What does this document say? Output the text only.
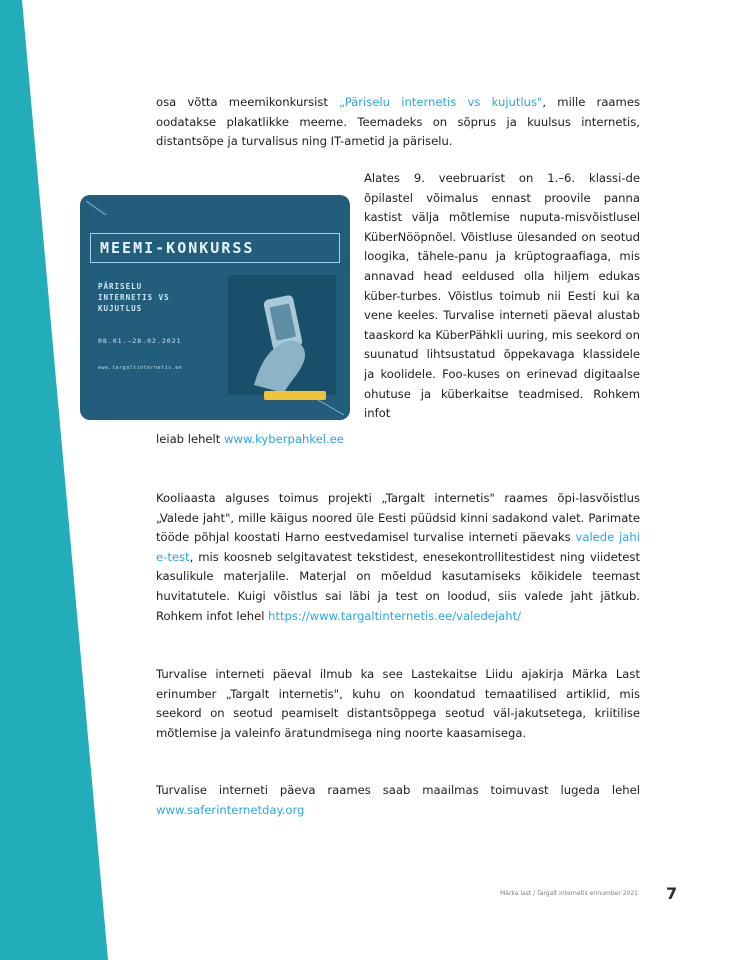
osa võtta meemikonkursist „Päriselu internetis vs kujutlus", mille raames oodatakse plakatlikke meeme. Teemadeks on sõprus ja kuulsus internetis, distantsõpe ja turvalisus ning IT-ametid ja päriselu.

MEEMI-KONKURSS
PÄRISELU
INTERNETIS VS
KUJUTLUS
08.01.–28.02.2021
www.targaltinternetis.ee
Alates 9. veebruarist on 1.–6. klassi-de õpilastel võimalus ennast proovile panna kastist välja mõtlemise nuputa-misvõistlusel KüberNööpnõel. Võistluse ülesanded on seotud loogika, tähele-panu ja krüptograafiaga, mis annavad head eeldused olla hiljem edukas küber-turbes. Võistlus toimub nii Eesti kui ka vene keeles. Turvalise interneti päeval alustab taaskord ka KüberPähkli uuring, mis seekord on suunatud lihtsustatud õppekavaga klassidele ja koolidele. Foo-kuses on erinevad digitaalse ohutuse ja küberkaitse teadmised. Rohkem infot

leiab lehelt www.kyberpahkel.ee

Kooliaasta alguses toimus projekti „Targalt internetis" raames õpi-lasvõistlus „Valede jaht", mille käigus noored üle Eesti püüdsid kinni sadakond valet. Parimate tööde põhjal koostati Harno eestvedamisel turvalise interneti päevaks valede jahi e-test, mis koosneb selgitavatest tekstidest, enesekontrollitestidest ning viidetest kasulikule materjalile. Materjal on mõeldud kasutamiseks kõikidele teemast huvitatutele. Kuigi võistlus sai läbi ja test on loodud, siis valede jaht jätkub. Rohkem infot lehel https://www.targaltinternetis.ee/valedejaht/

Turvalise interneti päeval ilmub ka see Lastekaitse Liidu ajakirja Märka Last erinumber „Targalt internetis", kuhu on koondatud temaatilised artiklid, mis seekord on seotud peamiselt distantsõppega seotud väl-jakutsetega, kriitilise mõtlemise ja valeinfo äratundmisega ning noorte kaasamisega.

Turvalise interneti päeva raames saab maailmas toimuvast lugeda lehel www.saferinternetday.org

Märka last / Targalt internetis erinumber 2021 7
